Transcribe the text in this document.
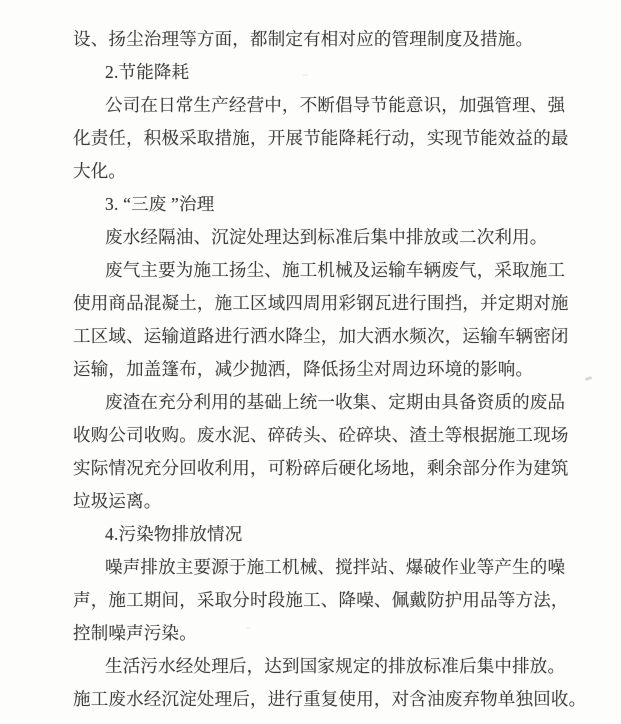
设、扬尘治理等方面，都制定有相对应的管理制度及措施。
2.节能降耗
公司在日常生产经营中，不断倡导节能意识，加强管理、强
化责任，积极采取措施，开展节能降耗行动，实现节能效益的最
大化。
3. “三废 ”治理
废水经隔油、沉淀处理达到标准后集中排放或二次利用。
废气主要为施工扬尘、施工机械及运输车辆废气，采取施工
使用商品混凝土，施工区域四周用彩钢瓦进行围挡，并定期对施
工区域、运输道路进行洒水降尘，加大洒水频次，运输车辆密闭
运输，加盖篷布，减少抛洒，降低扬尘对周边环境的影响。
废渣在充分利用的基础上统一收集、定期由具备资质的废品
收购公司收购。废水泥、碎砖头、砼碎块、渣土等根据施工现场
实际情况充分回收利用，可粉碎后硬化场地，剩余部分作为建筑
垃圾运离。
4.污染物排放情况
噪声排放主要源于施工机械、搅拌站、爆破作业等产生的噪
声，施工期间，采取分时段施工、降噪、佩戴防护用品等方法，
控制噪声污染。
生活污水经处理后，达到国家规定的排放标准后集中排放。
施工废水经沉淀处理后，进行重复使用，对含油废弃物单独回收。
